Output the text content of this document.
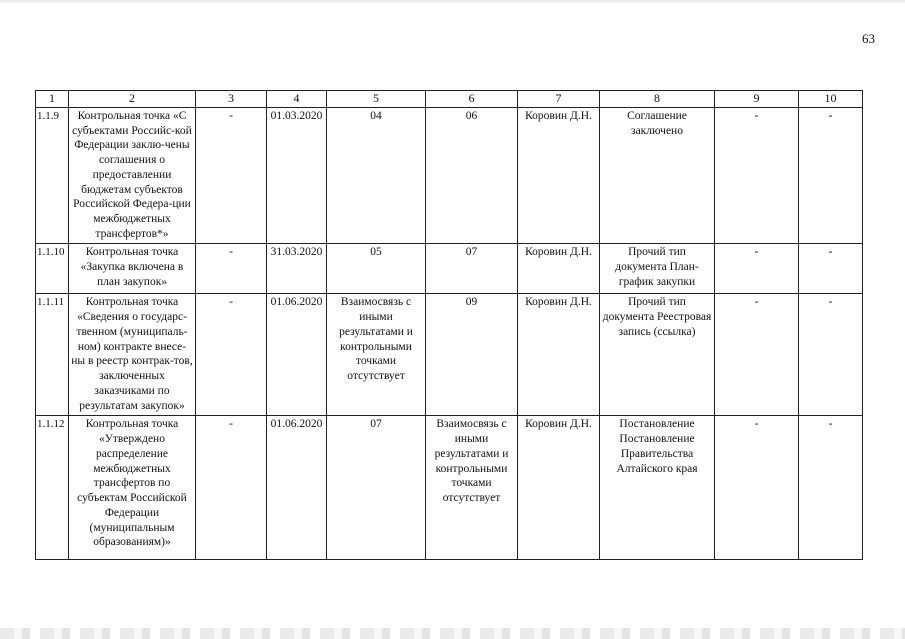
63
1	2	3	4	5	6	7	8	9	10
1.1.9	Контрольная точка «С субъектами Российс-кой Федерации заклю-чены соглашения о предоставлении бюджетам субъектов Российской Федера-ции межбюджетных трансфертов*»	-	01.03.2020	04	06	Коровин Д.Н.	Соглашение заключено	-	-
1.1.10	Контрольная точка «Закупка включена в план закупок»	-	31.03.2020	05	07	Коровин Д.Н.	Прочий тип документа План-график закупки	-	-
1.1.11	Контрольная точка «Сведения о государс-твенном (муниципаль-ном) контракте внесе-ны в реестр контрак-тов, заключенных заказчиками по результатам закупок»	-	01.06.2020	Взаимосвязь с иными результатами и контрольными точками отсутствует	09	Коровин Д.Н.	Прочий тип документа Реестровая запись (ссылка)	-	-
1.1.12	Контрольная точка «Утверждено распределение межбюджетных трансфертов по субъектам Российской Федерации (муниципальным образованиям)»	-	01.06.2020	07	Взаимосвязь с иными результатами и контрольными точками отсутствует	Коровин Д.Н.	Постановление Постановление Правительства Алтайского края	-	-
